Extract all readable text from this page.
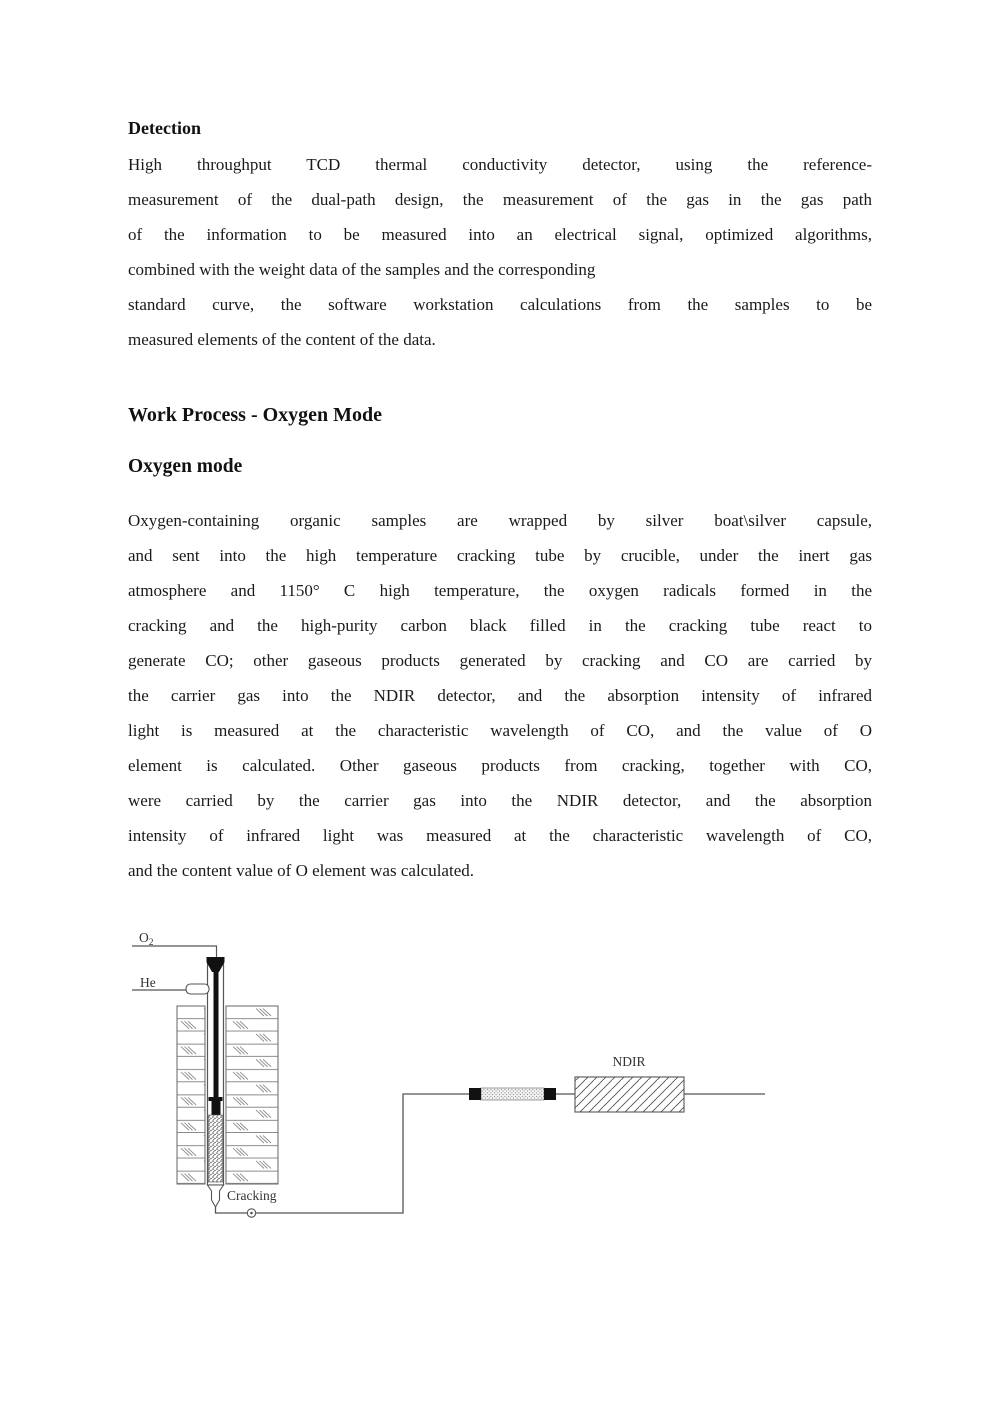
Detection
High throughput TCD thermal conductivity detector, using the reference-
measurement of the dual-path design, the measurement of the gas in the gas path
of the information to be measured into an electrical signal, optimized algorithms,
combined with the weight data of the samples and the corresponding
standard curve, the software workstation calculations from the samples to be
measured elements of the content of the data.
Work Process - Oxygen Mode
Oxygen mode
Oxygen-containing organic samples are wrapped by silver boat\silver capsule,
and sent into the high temperature cracking tube by crucible, under the inert gas
atmosphere and 1150° C high temperature, the oxygen radicals formed in the
cracking and the high-purity carbon black filled in the cracking tube react to
generate CO; other gaseous products generated by cracking and CO are carried by
the carrier gas into the NDIR detector, and the absorption intensity of infrared
light is measured at the characteristic wavelength of CO, and the value of O
element is calculated. Other gaseous products from cracking, together with CO,
were carried by the carrier gas into the NDIR detector, and the absorption
intensity of infrared light was measured at the characteristic wavelength of CO,
and the content value of O element was calculated.
$O_2$
He
Cracking
NDIR
